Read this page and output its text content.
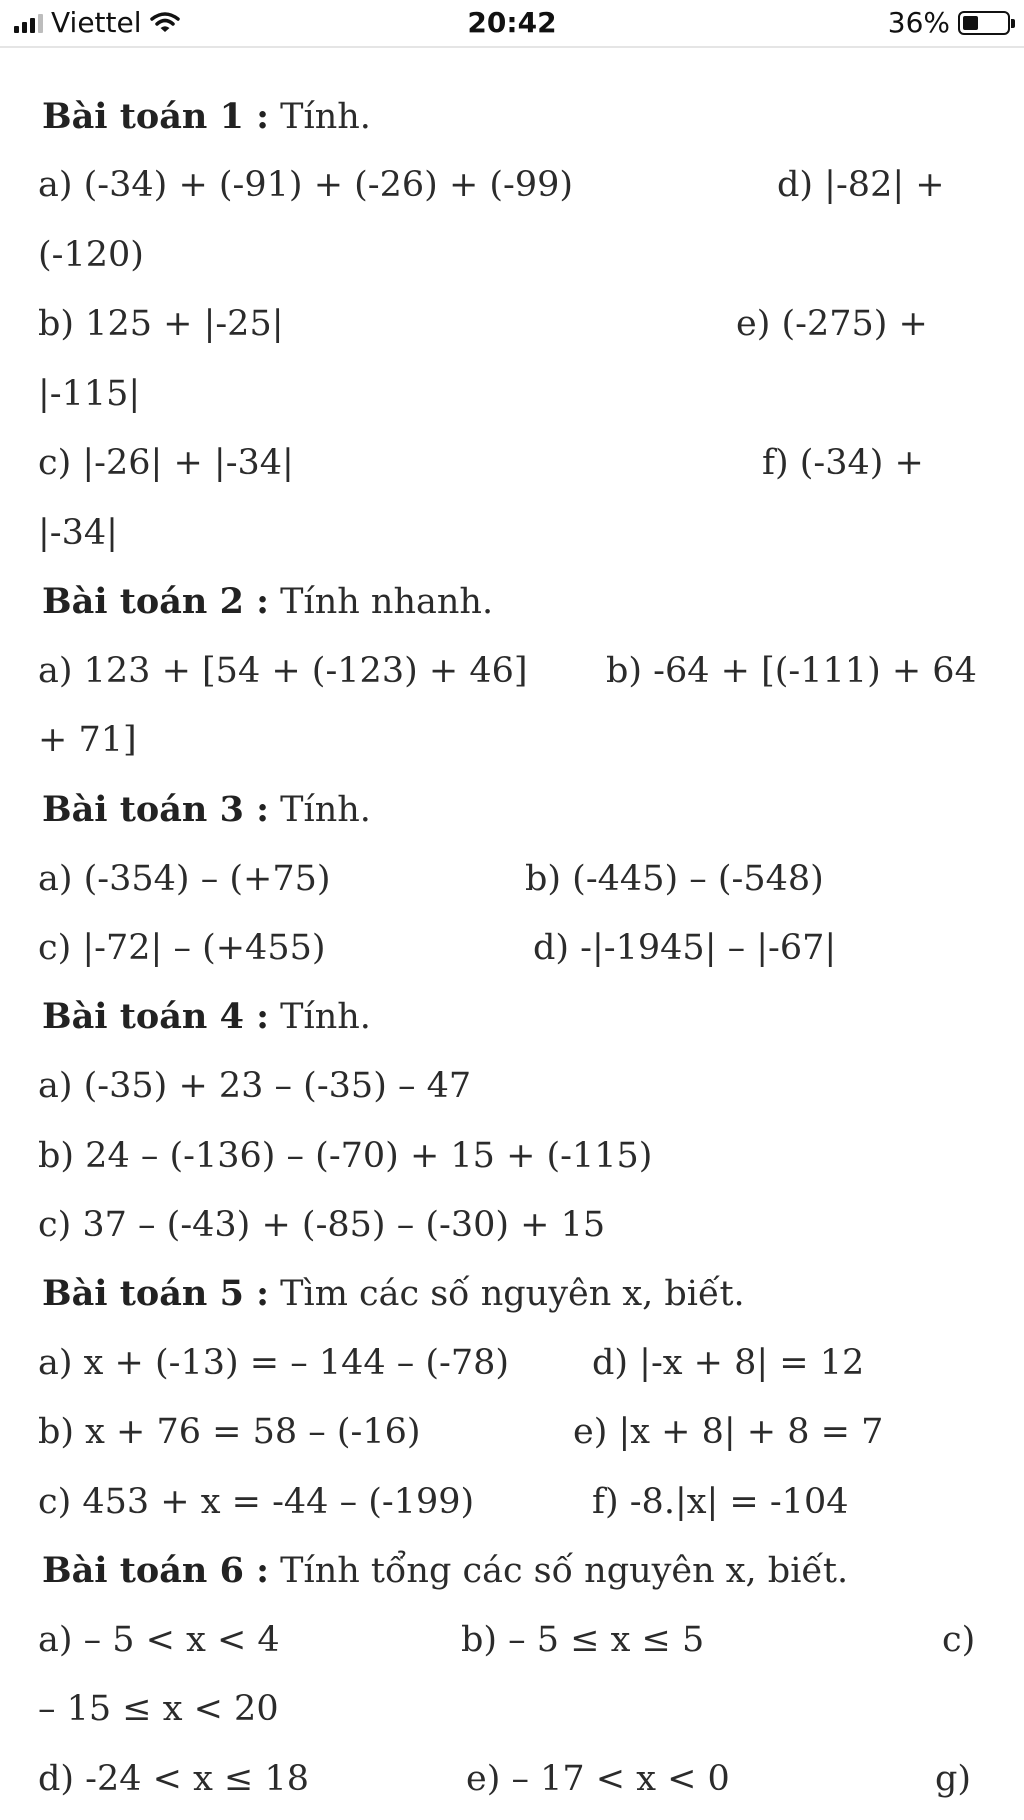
Viettel	20:42	36%
Bài toán 1 : Tính.
a) (-34) + (-91) + (-26) + (-99)	d) |-82| +
(-120)
b) 125 + |-25|	e) (-275) +
|-115|
c) |-26| + |-34|	f) (-34) +
|-34|
Bài toán 2 : Tính nhanh.
a) 123 + [54 + (-123) + 46] b) -64 + [(-111) + 64
+ 71]
Bài toán 3 : Tính.
a) (-354) – (+75)	b) (-445) – (-548)
c) |-72| – (+455)	d) -|-1945| – |-67|
Bài toán 4 : Tính.
a) (-35) + 23 – (-35) – 47
b) 24 – (-136) – (-70) + 15 + (-115)
c) 37 – (-43) + (-85) – (-30) + 15
Bài toán 5 : Tìm các số nguyên x, biết.
a) x + (-13) = – 144 – (-78) d) |-x + 8| = 12
b) x + 76 = 58 – (-16)	e) |x + 8| + 8 = 7
c) 453 + x = -44 – (-199)	f) -8.|x| = -104
Bài toán 6 : Tính tổng các số nguyên x, biết.
a) – 5 < x < 4	b) – 5 ≤ x ≤ 5	c)
– 15 ≤ x < 20
d) -24 < x ≤ 18	e) – 17 < x < 0	g)
